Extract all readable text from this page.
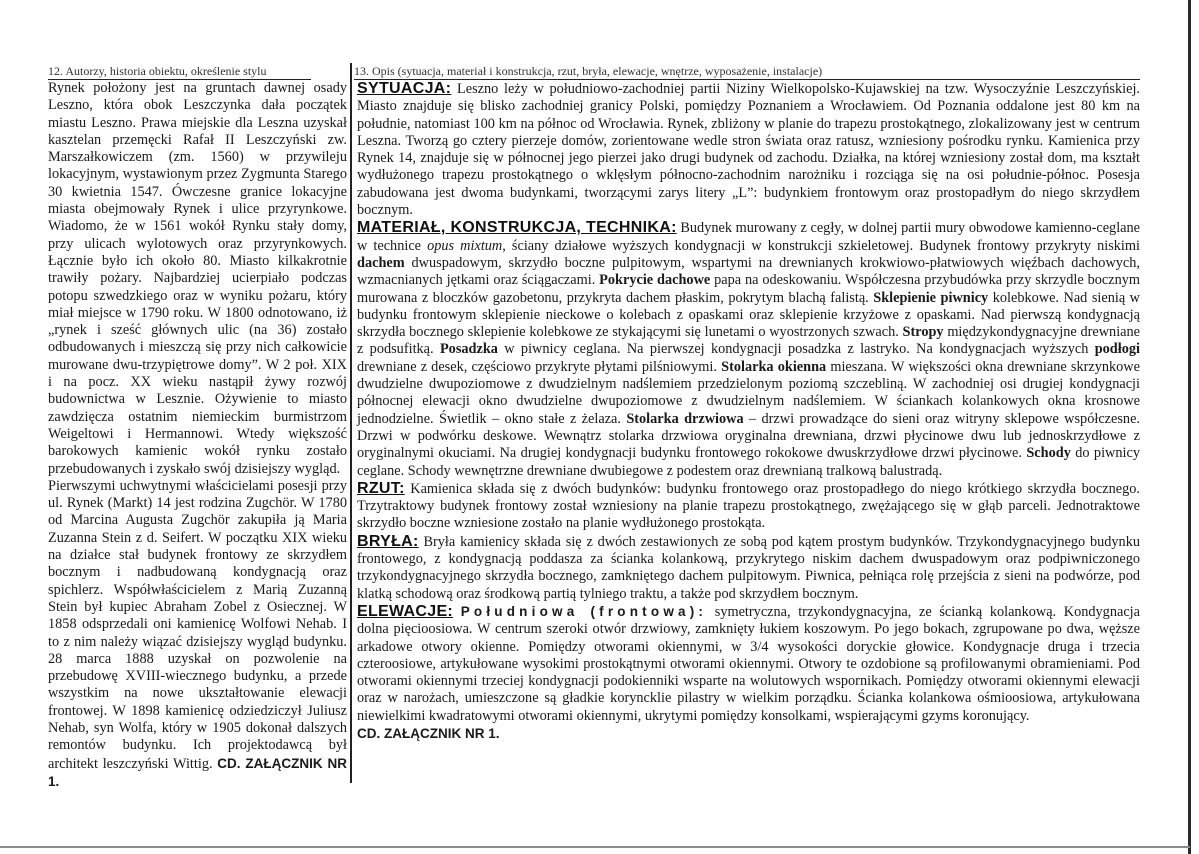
12. Autorzy, historia obiektu, określenie stylu	13. Opis (sytuacja, materiał i konstrukcja, rzut, bryła, elewacje, wnętrze, wyposażenie, instalacje)

Rynek położony jest na gruntach dawnej osady Leszno, która obok Leszczynka dała początek miastu Leszno. Prawa miejskie dla Leszna uzyskał kasztelan przemęcki Rafał II Leszczyński zw. Marszałkowiczem (zm. 1560) w przywileju lokacyjnym, wystawionym przez Zygmunta Starego 30 kwietnia 1547. Ówczesne granice lokacyjne miasta obejmowały Rynek i ulice przyrynkowe. Wiadomo, że w 1561 wokół Rynku stały domy, przy ulicach wylotowych oraz przyrynkowych. Łącznie było ich około 80. Miasto kilkakrotnie trawiły pożary. Najbardziej ucierpiało podczas potopu szwedzkiego oraz w wyniku pożaru, który miał miejsce w 1790 roku. W 1800 odnotowano, iż „rynek i sześć głównych ulic (na 36) zostało odbudowanych i mieszczą się przy nich całkowicie murowane dwu-trzypiętrowe domy”. W 2 poł. XIX i na pocz. XX wieku nastąpił żywy rozwój budownictwa w Lesznie. Ożywienie to miasto zawdzięcza ostatnim niemieckim burmistrzom Weigeltowi i Hermannowi. Wtedy większość barokowych kamienic wokół rynku zostało przebudowanych i zyskało swój dzisiejszy wygląd.

Pierwszymi uchwytnymi właścicielami posesji przy ul. Rynek (Markt) 14 jest rodzina Zugchör. W 1780 od Marcina Augusta Zugchör zakupiła ją Maria Zuzanna Stein z d. Seifert. W początku XIX wieku na działce stał budynek frontowy ze skrzydłem bocznym i nadbudowaną kondygnacją oraz spichlerz. Współwłaścicielem z Marią Zuzanną Stein był kupiec Abraham Zobel z Osiecznej. W 1858 odsprzedali oni kamienicę Wolfowi Nehab. I to z nim należy wiązać dzisiejszy wygląd budynku. 28 marca 1888 uzyskał on pozwolenie na przebudowę XVIII-wiecznego budynku, a przede wszystkim na nowe ukształtowanie elewacji frontowej. W 1898 kamienicę odziedziczył Juliusz Nehab, syn Wolfa, który w 1905 dokonał dalszych remontów budynku. Ich projektodawcą był architekt leszczyński Wittig. CD. ZAŁĄCZNIK NR 1.

SYTUACJA: Leszno leży w południowo-zachodniej partii Niziny Wielkopolsko-Kujawskiej na tzw. Wysoczyźnie Leszczyńskiej. Miasto znajduje się blisko zachodniej granicy Polski, pomiędzy Poznaniem a Wrocławiem. Od Poznania oddalone jest 80 km na południe, natomiast 100 km na północ od Wrocławia. Rynek, zbliżony w planie do trapezu prostokątnego, zlokalizowany jest w centrum Leszna. Tworzą go cztery pierzeje domów, zorientowane wedle stron świata oraz ratusz, wzniesiony pośrodku rynku. Kamienica przy Rynek 14, znajduje się w północnej jego pierzei jako drugi budynek od zachodu. Działka, na której wzniesiony został dom, ma kształt wydłużonego trapezu prostokątnego o wklęsłym północno-zachodnim narożniku i rozciąga się na osi południe-północ. Posesja zabudowana jest dwoma budynkami, tworzącymi zarys litery „L”: budynkiem frontowym oraz prostopadłym do niego skrzydłem bocznym.

MATERIAŁ, KONSTRUKCJA, TECHNIKA: Budynek murowany z cegły, w dolnej partii mury obwodowe kamienno-ceglane w technice opus mixtum, ściany działowe wyższych kondygnacji w konstrukcji szkieletowej. Budynek frontowy przykryty niskimi dachem dwuspadowym, skrzydło boczne pulpitowym, wspartymi na drewnianych krokwiowo-płatwiowych więźbach dachowych, wzmacnianych jętkami oraz ściągaczami. Pokrycie dachowe papa na odeskowaniu. Współczesna przybudówka przy skrzydle bocznym murowana z bloczków gazobetonu, przykryta dachem płaskim, pokrytym blachą falistą. Sklepienie piwnicy kolebkowe. Nad sienią w budynku frontowym sklepienie nieckowe o kolebach z opaskami oraz sklepienie krzyżowe z opaskami. Nad pierwszą kondygnacją skrzydła bocznego sklepienie kolebkowe ze stykającymi się lunetami o wyostrzonych szwach. Stropy międzykondygnacyjne drewniane z podsufitką. Posadzka w piwnicy ceglana. Na pierwszej kondygnacji posadzka z lastryko. Na kondygnacjach wyższych podłogi drewniane z desek, częściowo przykryte płytami pilśniowymi. Stolarka okienna mieszana. W większości okna drewniane skrzynkowe dwudzielne dwupoziomowe z dwudzielnym nadślemiem przedzielonym poziomą szczebliną. W zachodniej osi drugiej kondygnacji północnej elewacji okno dwudzielne dwupoziomowe z dwudzielnym nadślemiem. W ściankach kolankowych okna krosnowe jednodzielne. Świetlik – okno stałe z żelaza. Stolarka drzwiowa – drzwi prowadzące do sieni oraz witryny sklepowe współczesne. Drzwi w podwórku deskowe. Wewnątrz stolarka drzwiowa oryginalna drewniana, drzwi płycinowe dwu lub jednoskrzydłowe z oryginalnymi okuciami. Na drugiej kondygnacji budynku frontowego rokokowe dwuskrzydłowe drzwi płycinowe. Schody do piwnicy ceglane. Schody wewnętrzne drewniane dwubiegowe z podestem oraz drewnianą tralkową balustradą.

RZUT: Kamienica składa się z dwóch budynków: budynku frontowego oraz prostopadłego do niego krótkiego skrzydła bocznego. Trzytraktowy budynek frontowy został wzniesiony na planie trapezu prostokątnego, zwężającego się w głąb parceli. Jednotraktowe skrzydło boczne wzniesione zostało na planie wydłużonego prostokąta.

BRYŁA: Bryła kamienicy składa się z dwóch zestawionych ze sobą pod kątem prostym budynków. Trzykondygnacyjnego budynku frontowego, z kondygnacją poddasza za ścianka kolankową, przykrytego niskim dachem dwuspadowym oraz podpiwniczonego trzykondygnacyjnego skrzydła bocznego, zamkniętego dachem pulpitowym. Piwnica, pełniąca rolę przejścia z sieni na podwórze, pod klatką schodową oraz środkową partią tylniego traktu, a także pod skrzydłem bocznym.

ELEWACJE: Południowa (frontowa): symetryczna, trzykondygnacyjna, ze ścianką kolankową. Kondygnacja dolna pięcioosiowa. W centrum szeroki otwór drzwiowy, zamknięty łukiem koszowym. Po jego bokach, zgrupowane po dwa, węższe arkadowe otwory okienne. Pomiędzy otworami okiennymi, w 3/4 wysokości doryckie głowice. Kondygnacje druga i trzecia czteroosiowe, artykułowane wysokimi prostokątnymi otworami okiennymi. Otwory te ozdobione są profilowanymi obramieniami. Pod otworami okiennymi trzeciej kondygnacji podokienniki wsparte na wolutowych wspornikach. Pomiędzy otworami okiennymi elewacji oraz w narożach, umieszczone są gładkie koryncklie pilastry w wielkim porządku. Ścianka kolankowa ośmioosiowa, artykułowana niewielkimi kwadratowymi otworami okiennymi, ukrytymi pomiędzy konsolkami, wspierającymi gzyms koronujący.

CD. ZAŁĄCZNIK NR 1.
